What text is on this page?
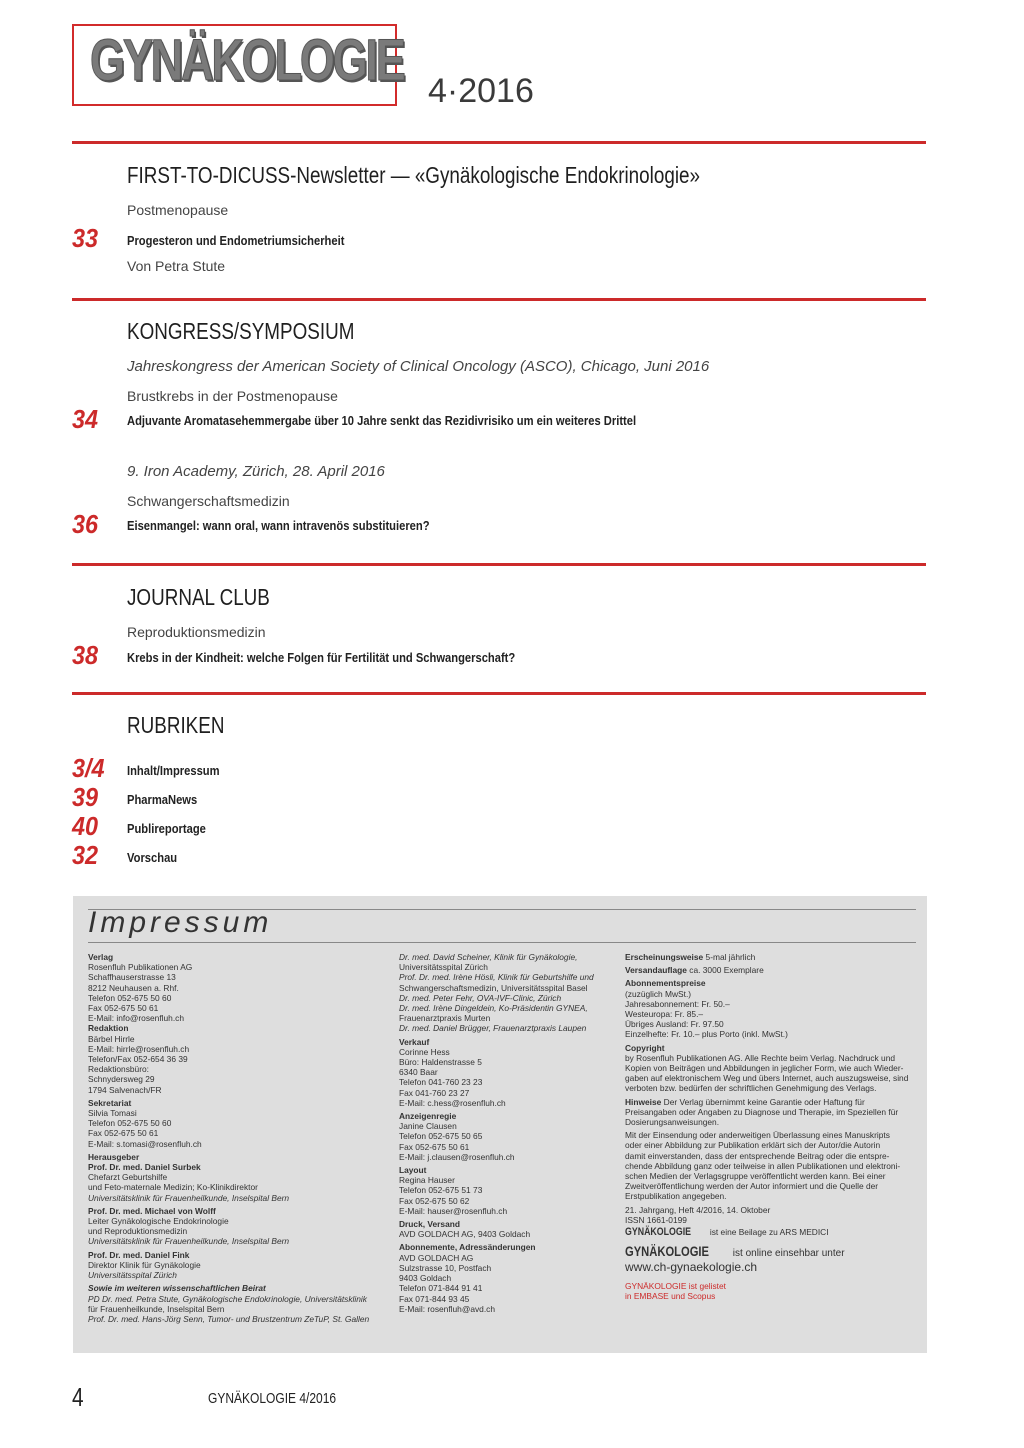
GYNÄKOLOGIE 4·2016
FIRST-TO-DICUSS-Newsletter — «Gynäkologische Endokrinologie»
Postmenopause
33 Progesteron und Endometriumsicherheit
Von Petra Stute
KONGRESS/SYMPOSIUM
Jahreskongress der American Society of Clinical Oncology (ASCO), Chicago, Juni 2016
Brustkrebs in der Postmenopause
34 Adjuvante Aromatasehemmergabe über 10 Jahre senkt das Rezidivrisiko um ein weiteres Drittel
9. Iron Academy, Zürich, 28. April 2016
Schwangerschaftsmedizin
36 Eisenmangel: wann oral, wann intravenös substituieren?
JOURNAL CLUB
Reproduktionsmedizin
38 Krebs in der Kindheit: welche Folgen für Fertilität und Schwangerschaft?
RUBRIKEN
3/4 Inhalt/Impressum
39 PharmaNews
40 Publireportage
32 Vorschau
Impressum

Verlag

Rosenfluh Publikationen AG

Schaffhauserstrasse 13

8212 Neuhausen a. Rhf.

Telefon 052-675 50 60

Fax 052-675 50 61

E-Mail: info@rosenfluh.ch

Redaktion

Bärbel Hirrle

E-Mail: hirrle@rosenfluh.ch

Telefon/Fax 052-654 36 39

Redaktionsbüro:

Schnydersweg 29

1794 Salvenach/FR

Sekretariat

Silvia Tomasi

Telefon 052-675 50 60

Fax 052-675 50 61

E-Mail: s.tomasi@rosenfluh.ch

Herausgeber

Prof. Dr. med. Daniel Surbek

Chefarzt Geburtshilfe

und Feto-maternale Medizin; Ko-Klinikdirektor

Universitätsklinik für Frauenheilkunde, Inselspital Bern

Prof. Dr. med. Michael von Wolff

Leiter Gynäkologische Endokrinologie

und Reproduktionsmedizin

Universitätsklinik für Frauenheilkunde, Inselspital Bern

Prof. Dr. med. Daniel Fink

Direktor Klinik für Gynäkologie

Universitätsspital Zürich

Sowie im weiteren wissenschaftlichen Beirat

PD Dr. med. Petra Stute, Gynäkologische Endokrinologie, Universitätsklinik

für Frauenheilkunde, Inselspital Bern

Prof. Dr. med. Hans-Jörg Senn, Tumor- und Brustzentrum ZeTuP, St. Gallen

Dr. med. David Scheiner, Klinik für Gynäkologie,

Universitätsspital Zürich

Prof. Dr. med. Irène Hösli, Klinik für Geburtshilfe und

Schwangerschaftsmedizin, Universitätsspital Basel

Dr. med. Peter Fehr, OVA-IVF-Clinic, Zürich

Dr. med. Irène Dingeldein, Ko-Präsidentin GYNEA,

Frauenarztpraxis Murten

Dr. med. Daniel Brügger, Frauenarztpraxis Laupen

Verkauf

Corinne Hess

Büro: Haldenstrasse 5

6340 Baar

Telefon 041-760 23 23

Fax 041-760 23 27

E-Mail: c.hess@rosenfluh.ch

Anzeigenregie

Janine Clausen

Telefon 052-675 50 65

Fax 052-675 50 61

E-Mail: j.clausen@rosenfluh.ch

Layout

Regina Hauser

Telefon 052-675 51 73

Fax 052-675 50 62

E-Mail: hauser@rosenfluh.ch

Druck, Versand

AVD GOLDACH AG, 9403 Goldach

Abonnemente, Adressänderungen

AVD GOLDACH AG

Sulzstrasse 10, Postfach

9403 Goldach

Telefon 071-844 91 41

Fax 071-844 93 45

E-Mail: rosenfluh@avd.ch

Erscheinungsweise 5-mal jährlich

Versandauflage ca. 3000 Exemplare

Abonnementspreise

(zuzüglich MwSt.)

Jahresabonnement: Fr. 50.–

Westeuropa: Fr. 85.–

Übriges Ausland: Fr. 97.50

Einzelhefte: Fr. 10.– plus Porto (inkl. MwSt.)

Copyright

by Rosenfluh Publikationen AG. Alle Rechte beim Verlag. Nachdruck und

Kopien von Beiträgen und Abbildungen in jeglicher Form, wie auch Wieder-

gaben auf elektronischem Weg und übers Internet, auch auszugsweise, sind

verboten bzw. bedürfen der schriftlichen Genehmigung des Verlags.

Hinweise Der Verlag übernimmt keine Garantie oder Haftung für

Preisangaben oder Angaben zu Diagnose und Therapie, im Speziellen für

Dosierungsanweisungen.

Mit der Einsendung oder anderweitigen Überlassung eines Manuskripts

oder einer Abbildung zur Publikation erklärt sich der Autor/die Autorin

damit einverstanden, dass der entsprechende Beitrag oder die entspre-

chende Abbildung ganz oder teilweise in allen Publikationen und elektroni-

schen Medien der Verlagsgruppe veröffentlicht werden kann. Bei einer

Zweitveröffentlichung werden der Autor informiert und die Quelle der

Erstpublikation angegeben.

21. Jahrgang, Heft 4/2016, 14. Oktober

ISSN 1661-0199

GYNÄKOLOGIE ist eine Beilage zu ARS MEDICI

GYNÄKOLOGIE ist online einsehbar unter

www.ch-gynaekologie.ch

GYNÄKOLOGIE ist gelistet

in EMBASE und Scopus

4	GYNÄKOLOGIE 4/2016
